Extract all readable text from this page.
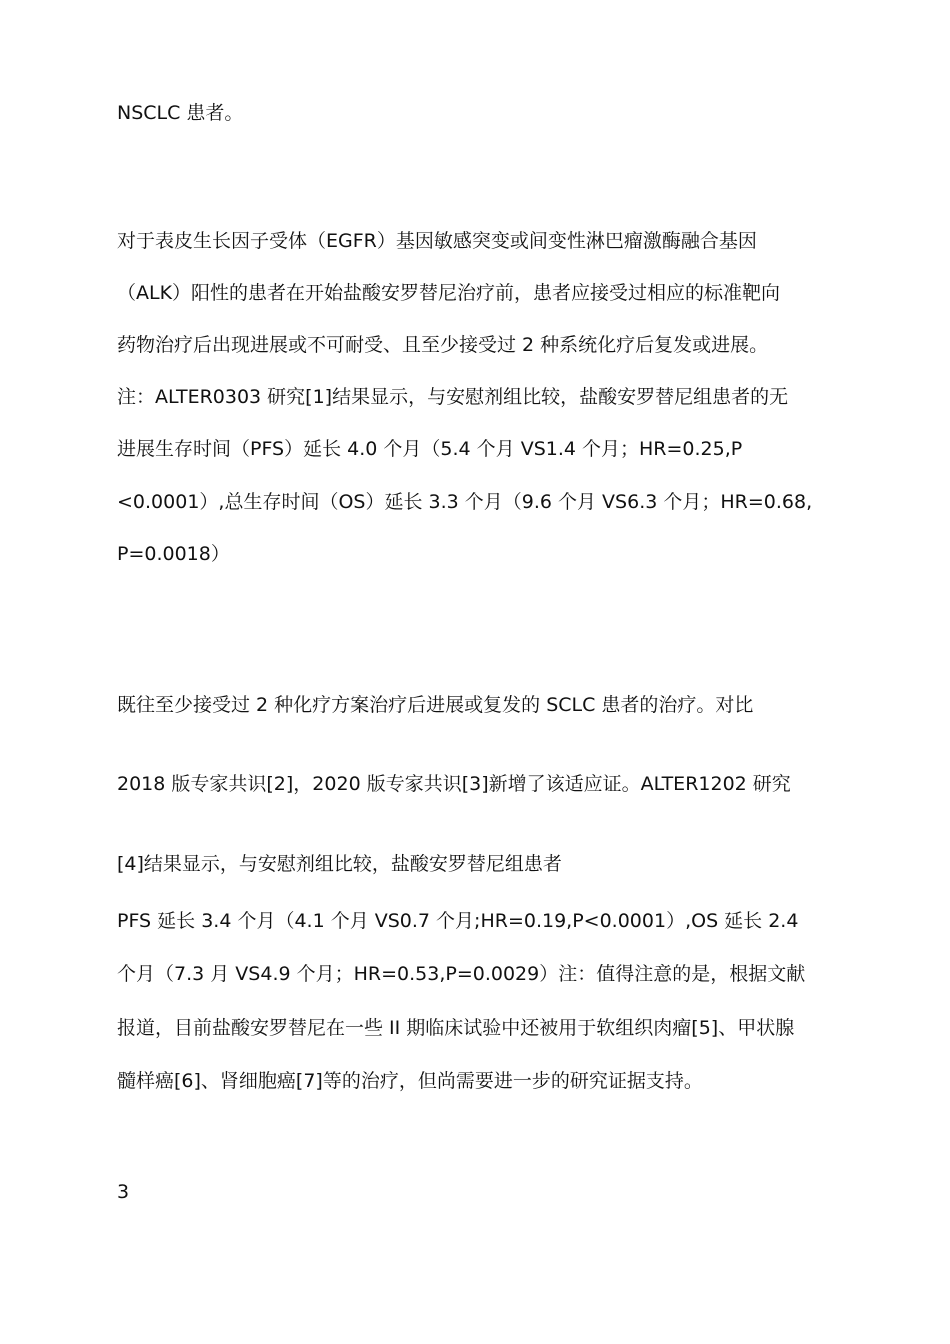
NSCLC 患者。
对于表皮生长因子受体（EGFR）基因敏感突变或间变性淋巴瘤激酶融合基因
（ALK）阳性的患者在开始盐酸安罗替尼治疗前，患者应接受过相应的标准靶向
药物治疗后出现进展或不可耐受、且至少接受过 2 种系统化疗后复发或进展。
注：ALTER0303 研究[1]结果显示，与安慰剂组比较，盐酸安罗替尼组患者的无
进展生存时间（PFS）延长 4.0 个月（5.4 个月 VS1.4 个月；HR=0.25,P
<0.0001）,总生存时间（OS）延长 3.3 个月（9.6 个月 VS6.3 个月；HR=0.68,
P=0.0018）
既往至少接受过 2 种化疗方案治疗后进展或复发的 SCLC 患者的治疗。对比
2018 版专家共识[2]，2020 版专家共识[3]新增了该适应证。ALTER1202 研究
[4]结果显示，与安慰剂组比较，盐酸安罗替尼组患者
PFS 延长 3.4 个月（4.1 个月 VS0.7 个月;HR=0.19,P<0.0001）,OS 延长 2.4
个月（7.3 月 VS4.9 个月；HR=0.53,P=0.0029）注：值得注意的是，根据文献
报道，目前盐酸安罗替尼在一些 II 期临床试验中还被用于软组织肉瘤[5]、甲状腺
髓样癌[6]、肾细胞癌[7]等的治疗，但尚需要进一步的研究证据支持。
3
